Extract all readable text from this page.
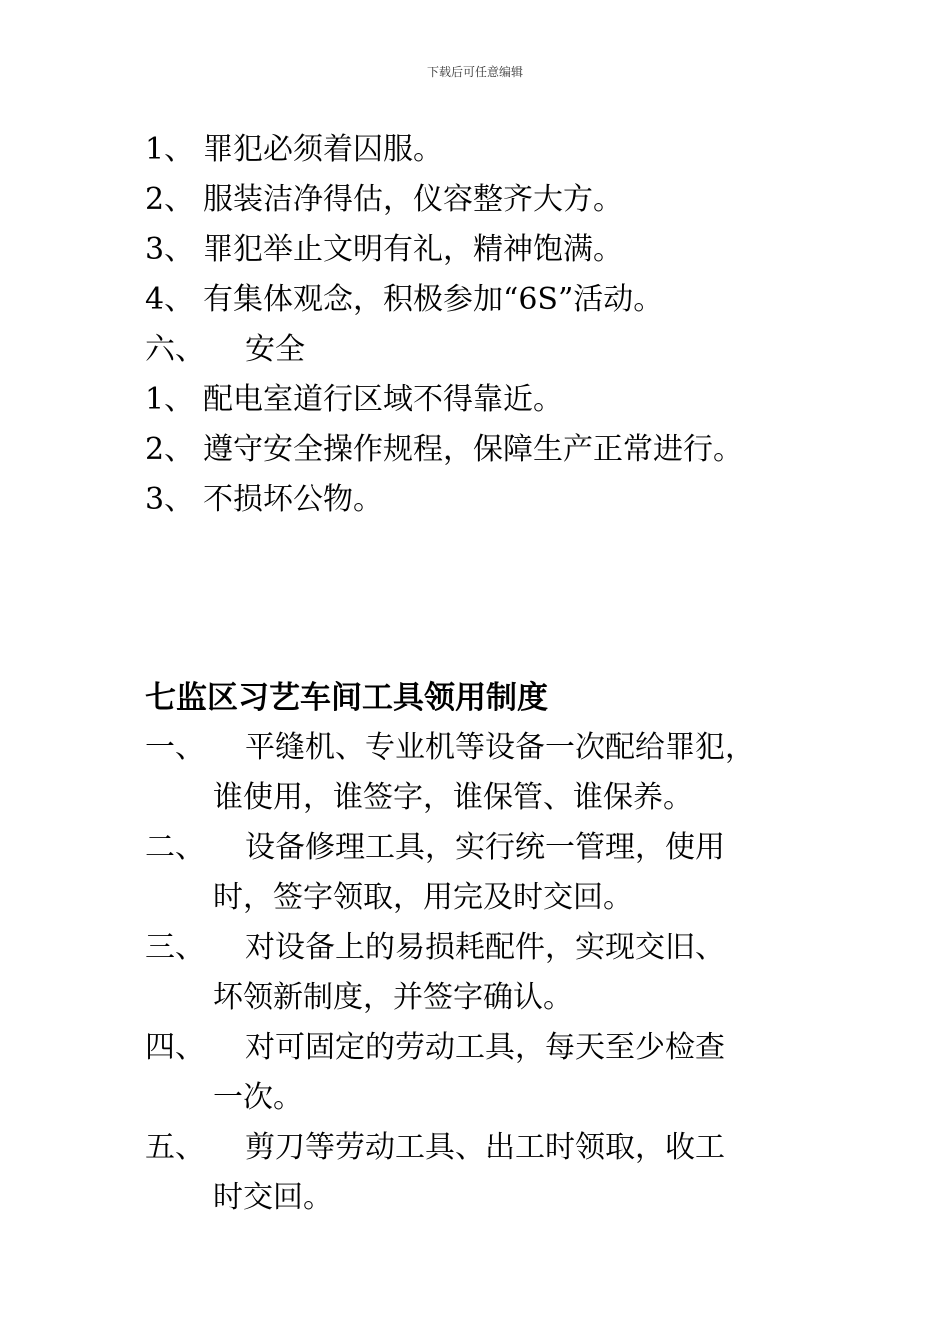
下载后可任意编辑
1、 罪犯必须着囚服。
2、 服装洁净得估，仪容整齐大方。
3、 罪犯举止文明有礼，精神饱满。
4、 有集体观念，积极参加“6S”活动。
六、 安全
1、 配电室道行区域不得靠近。
2、 遵守安全操作规程，保障生产正常进行。
3、 不损坏公物。
七监区习艺车间工具领用制度
一、 平缝机、专业机等设备一次配给罪犯，
谁使用，谁签字，谁保管、谁保养。
二、 设备修理工具，实行统一管理，使用
时，签字领取，用完及时交回。
三、 对设备上的易损耗配件，实现交旧、
坏领新制度，并签字确认。
四、 对可固定的劳动工具，每天至少检查
一次。
五、 剪刀等劳动工具、出工时领取，收工
时交回。
